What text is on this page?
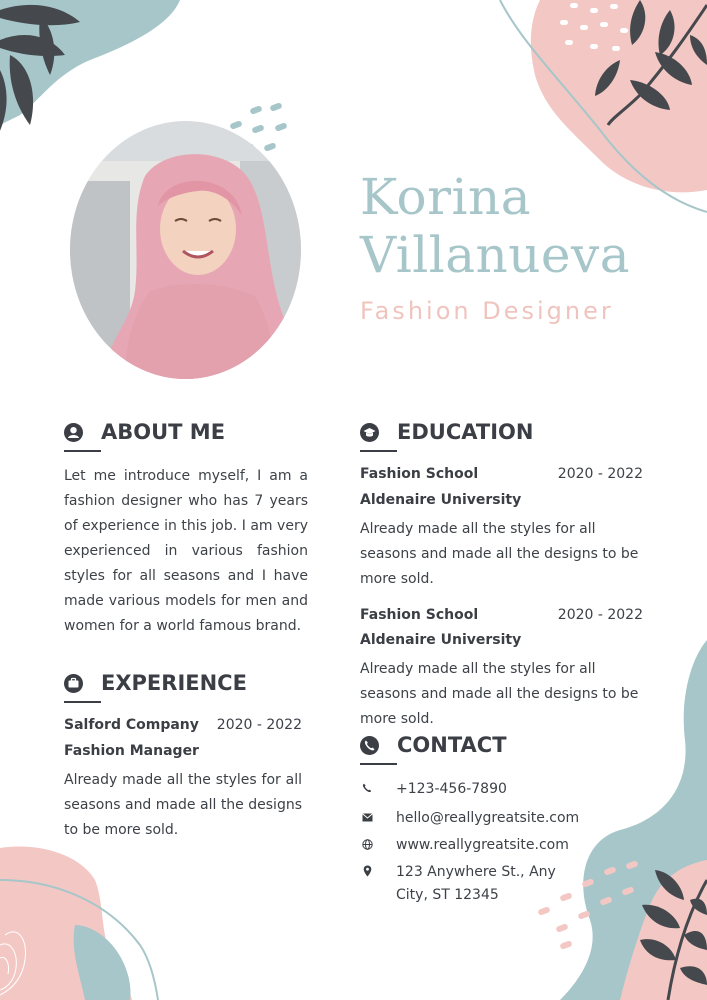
Korina
Villanueva
Fashion Designer
ABOUT ME
Let me introduce myself, I am a fashion designer who has 7 years of experience in this job. I am very experienced in various fashion styles for all seasons and I have made various models for men and women for a world famous brand.
EXPERIENCE
Salford Company 2020 - 2022
Fashion Manager
Already made all the styles for all seasons and made all the designs to be more sold.
EDUCATION
Fashion School	2020 - 2022
Aldenaire University
Already made all the styles for all seasons and made all the designs to be more sold.
Fashion School	2020 - 2022
Aldenaire University
Already made all the styles for all seasons and made all the designs to be more sold.
CONTACT
+123-456-7890
hello@reallygreatsite.com
www.reallygreatsite.com
123 Anywhere St., Any City, ST 12345
